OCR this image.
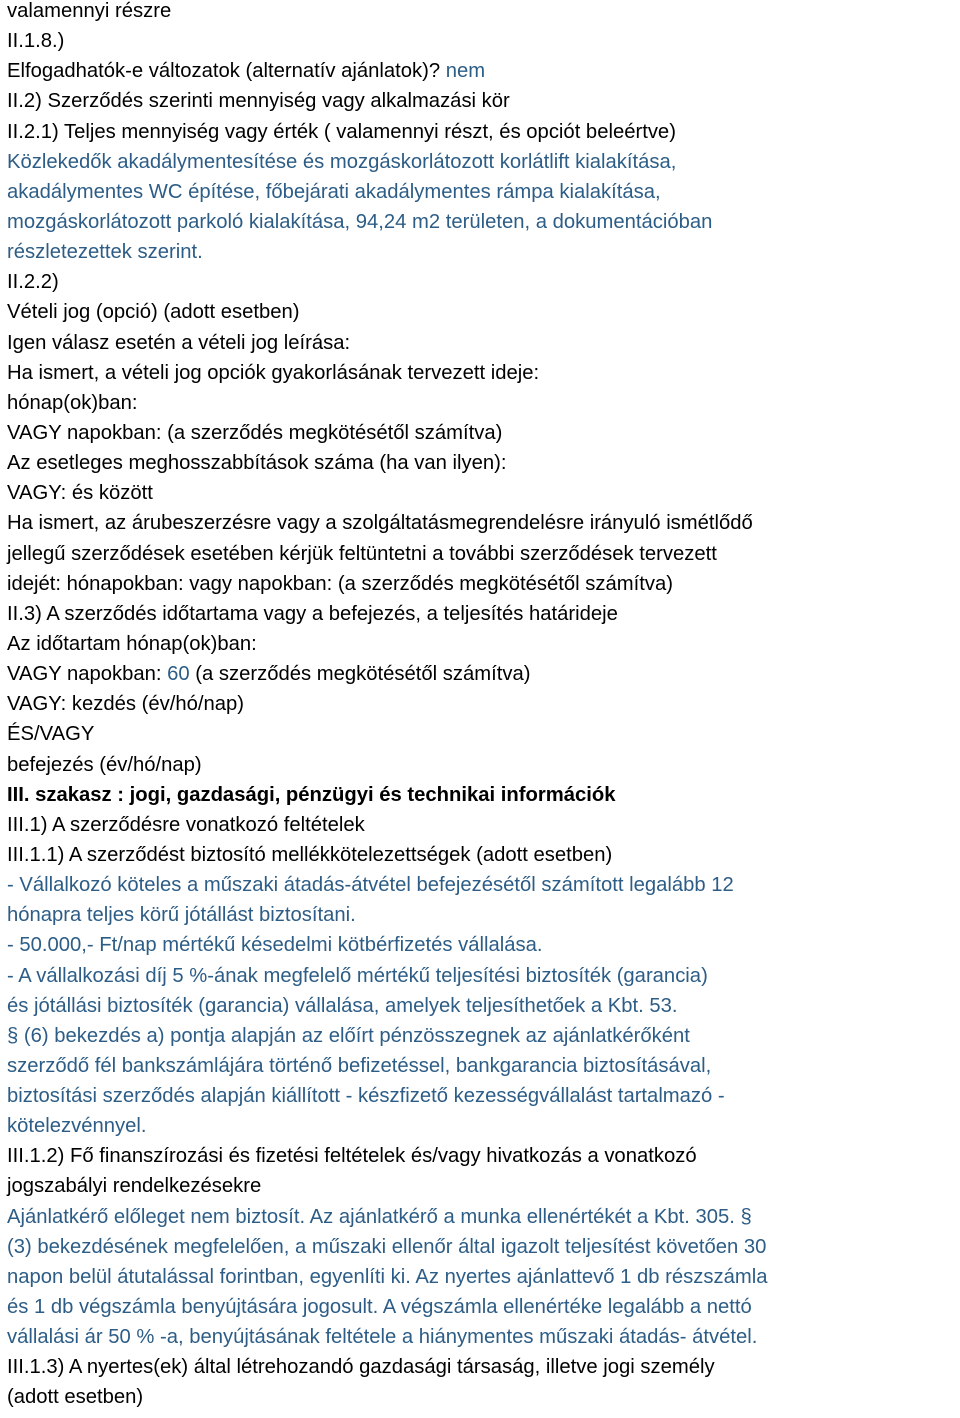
valamennyi részre
II.1.8.)
Elfogadhatók-e változatok (alternatív ajánlatok)? nem
II.2) Szerződés szerinti mennyiség vagy alkalmazási kör
II.2.1) Teljes mennyiség vagy érték ( valamennyi részt, és opciót beleértve)
Közlekedők akadálymentesítése és mozgáskorlátozott korlátlift kialakítása,
akadálymentes WC építése, főbejárati akadálymentes rámpa kialakítása,
mozgáskorlátozott parkoló kialakítása, 94,24 m2 területen, a dokumentációban
részletezettek szerint.
II.2.2)
Vételi jog (opció) (adott esetben)
Igen válasz esetén a vételi jog leírása:
Ha ismert, a vételi jog opciók gyakorlásának tervezett ideje:
hónap(ok)ban:
VAGY napokban: (a szerződés megkötésétől számítva)
Az esetleges meghosszabbítások száma (ha van ilyen):
VAGY: és között
Ha ismert, az árubeszerzésre vagy a szolgáltatásmegrendelésre irányuló ismétlődő
jellegű szerződések esetében kérjük feltüntetni a további szerződések tervezett
idejét: hónapokban: vagy napokban: (a szerződés megkötésétől számítva)
II.3) A szerződés időtartama vagy a befejezés, a teljesítés határideje
Az időtartam hónap(ok)ban:
VAGY napokban: 60 (a szerződés megkötésétől számítva)
VAGY: kezdés (év/hó/nap)
ÉS/VAGY
befejezés (év/hó/nap)
III. szakasz : jogi, gazdasági, pénzügyi és technikai információk
III.1) A szerződésre vonatkozó feltételek
III.1.1) A szerződést biztosító mellékkötelezettségek (adott esetben)
- Vállalkozó köteles a műszaki átadás-átvétel befejezésétől számított legalább 12
hónapra teljes körű jótállást biztosítani.
- 50.000,- Ft/nap mértékű késedelmi kötbérfizetés vállalása.
- A vállalkozási díj 5 %-ának megfelelő mértékű teljesítési biztosíték (garancia)
és jótállási biztosíték (garancia) vállalása, amelyek teljesíthetőek a Kbt. 53.
§ (6) bekezdés a) pontja alapján az előírt pénzösszegnek az ajánlatkérőként
szerződő fél bankszámlájára történő befizetéssel, bankgarancia biztosításával,
biztosítási szerződés alapján kiállított - készfizető kezességvállalást tartalmazó -
kötelezvénnyel.
III.1.2) Fő finanszírozási és fizetési feltételek és/vagy hivatkozás a vonatkozó
jogszabályi rendelkezésekre
Ajánlatkérő előleget nem biztosít. Az ajánlatkérő a munka ellenértékét a Kbt. 305. §
(3) bekezdésének megfelelően, a műszaki ellenőr által igazolt teljesítést követően 30
napon belül átutalással forintban, egyenlíti ki. Az nyertes ajánlattevő 1 db részszámla
és 1 db végszámla benyújtására jogosult. A végszámla ellenértéke legalább a nettó
vállalási ár 50 % -a, benyújtásának feltétele a hiánymentes műszaki átadás- átvétel.
III.1.3) A nyertes(ek) által létrehozandó gazdasági társaság, illetve jogi személy
(adott esetben)
